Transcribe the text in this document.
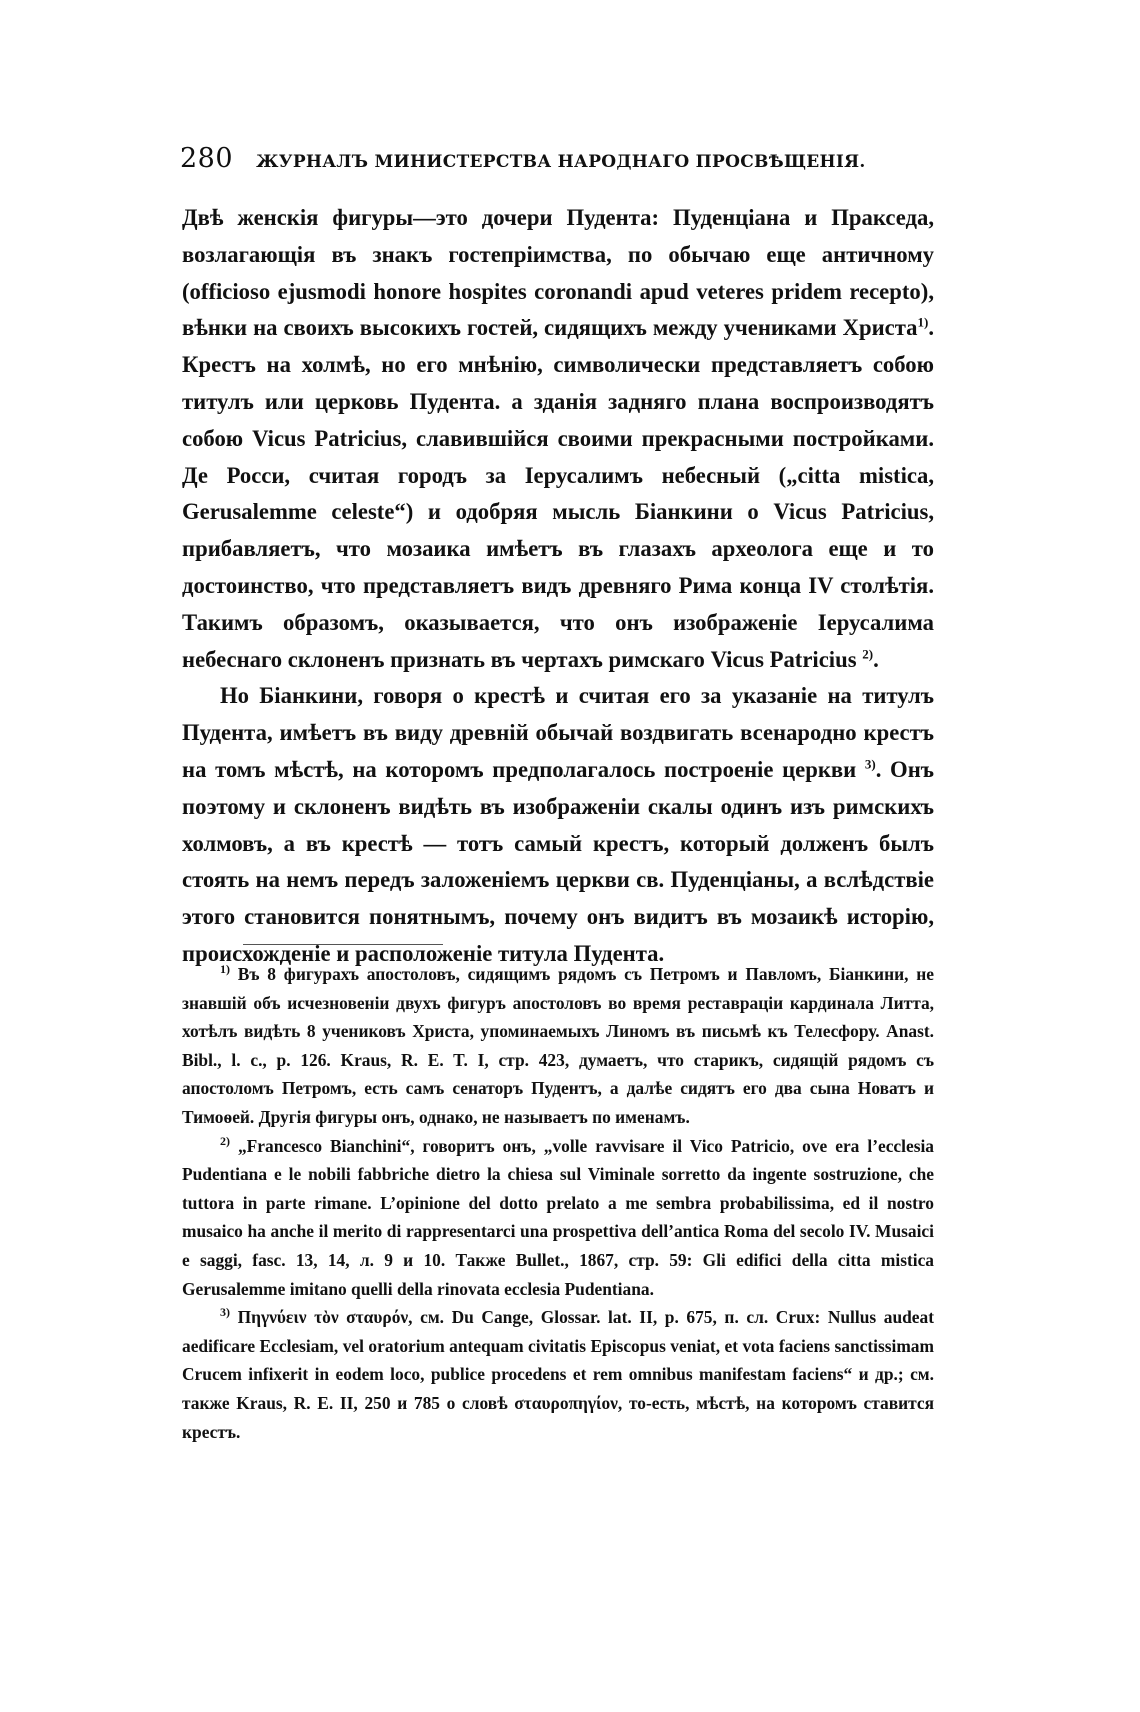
280 ЖУРНАЛЪ МИНИСТЕРСТВА НАРОДНАГО ПРОСВѢЩЕНІЯ.

Двѣ женскія фигуры—это дочери Пудента: Пуденціана и Пракседа, возлагающія въ знакъ гостепріимства, по обычаю еще античному (officioso ejusmodi honore hospites coronandi apud veteres pridem recepto), вѣнки на своихъ высокихъ гостей, сидящихъ между учениками Христа$^{1)}$. Крестъ на холмѣ, но его мнѣнію, символически представляетъ собою титулъ или церковь Пудента. а зданія задняго плана воспроизводятъ собою Vicus Patricius, славившійся своими прекрасными постройками. Де Росси, считая городъ за Іерусалимъ небесный („citta mistica, Gerusalemme celeste“) и одобряя мысль Біанкини о Vicus Patricius, прибавляетъ, что мозаика имѣетъ въ глазахъ археолога еще и то достоинство, что представляетъ видъ древняго Рима конца IV столѣтія. Такимъ образомъ, оказывается, что онъ изображеніе Іерусалима небеснаго склоненъ признать въ чертахъ римскаго Vicus Patricius $^{2)}$.

Но Біанкини, говоря о крестѣ и считая его за указаніе на титулъ Пудента, имѣетъ въ виду древній обычай воздвигать всенародно крестъ на томъ мѣстѣ, на которомъ предполагалось построеніе церкви $^{3)}$. Онъ поэтому и склоненъ видѣть въ изображеніи скалы одинъ изъ римскихъ холмовъ, а въ крестѣ — тотъ самый крестъ, который долженъ былъ стоять на немъ передъ заложеніемъ церкви св. Пуденціаны, а вслѣдствіе этого становится понятнымъ, почему онъ видитъ въ мозаикѣ исторію, происхожденіе и расположеніе титула Пудента.

$^{1)}$ Въ 8 фигурахъ апостоловъ, сидящимъ рядомъ съ Петромъ и Павломъ, Біанкини, не знавшій объ исчезновеніи двухъ фигуръ апостоловъ во время реставраціи кардинала Литта, хотѣлъ видѣть 8 учениковъ Христа, упоминаемыхъ Линомъ въ письмѣ къ Телесфору. Anast. Bibl., l. c., p. 126. Kraus, R. E. T. I, стр. 423, думаетъ, что старикъ, сидящій рядомъ съ апостоломъ Петромъ, есть самъ сенаторъ Пудентъ, а далѣе сидятъ его два сына Новатъ и Тимоѳей. Другія фигуры онъ, однако, не называетъ по именамъ.

$^{2)}$ „Francesco Bianchini“, говоритъ онъ, „volle ravvisare il Vico Patricio, ove era l’ecclesia Pudentiana e le nobili fabbriche dietro la chiesa sul Viminale sorretto da ingente sostruzione, che tuttora in parte rimane. L’opinione del dotto prelato a me sembra probabilissima, ed il nostro musaico ha anche il merito di rappresentarci una prospettiva dell’antica Roma del secolo IV. Musaici e saggi, fasc. 13, 14, л. 9 и 10. Также Bullet., 1867, стр. 59: Gli edifici della citta mistica Gerusalemme imitano quelli della rinovata ecclesia Pudentiana.

$^{3)}$ Πηγνύειν τὸν σταυρόν, см. Du Cange, Glossar. lat. II, p. 675, п. сл. Crux: Nullus audeat aedificare Ecclesiam, vel oratorium antequam civitatis Episcopus veniat, et vota faciens sanctissimam Crucem infixerit in eodem loco, publice procedens et rem omnibus manifestam faciens“ и др.; см. также Kraus, R. E. II, 250 и 785 о словѣ σταυροπηγίον, то-есть, мѣстѣ, на которомъ ставится крестъ.
